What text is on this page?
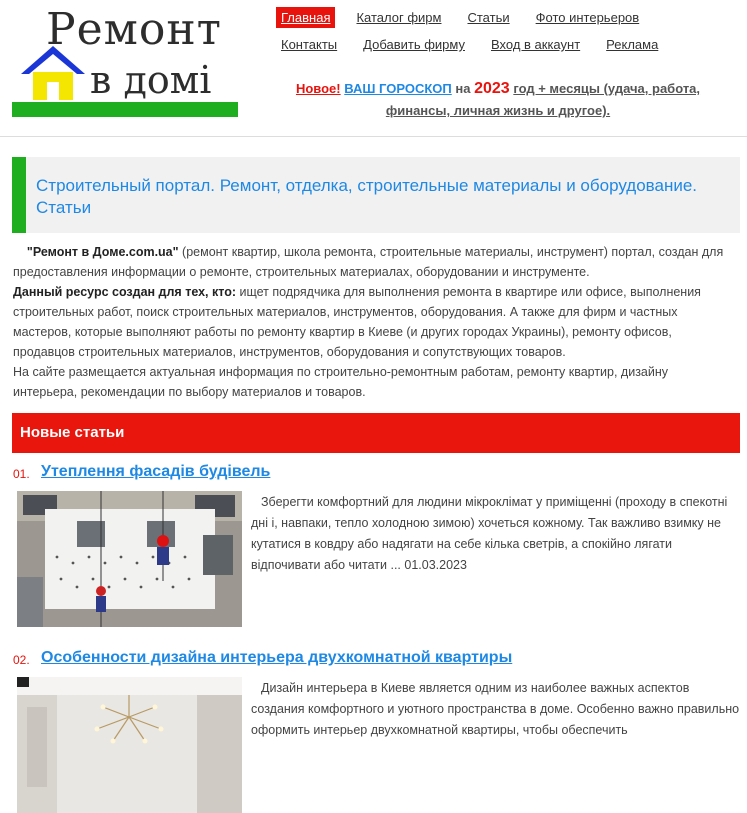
Ремонт
в домі
Главная Каталог фирм Статьи Фото интерьеров
Контакты Добавить фирму Вход в аккаунт Реклама
Новое! ВАШ ГОРОСКОП на 2023 год + месяцы (удача, работа,
финансы, личная жизнь и другое).
Строительный портал. Ремонт, отделка, строительные материалы и оборудование. Статьи
"Ремонт в Доме.com.ua" (ремонт квартир, школа ремонта, строительные материалы, инструмент) портал, создан для предоставления информации о ремонте, строительных материалах, оборудовании и инструменте.
Данный ресурс создан для тех, кто: ищет подрядчика для выполнения ремонта в квартире или офисе, выполнения строительных работ, поиск строительных материалов, инструментов, оборудования. А также для фирм и частных мастеров, которые выполняют работы по ремонту квартир в Киеве (и других городах Украины), ремонту офисов, продавцов строительных материалов, инструментов, оборудования и сопутствующих товаров.
На сайте размещается актуальная информация по строительно-ремонтным работам, ремонту квартир, дизайну интерьера, рекомендации по выбору материалов и товаров.
Новые статьи
01. Утеплення фасадів будівель
Зберегти комфортний для людини мікроклімат у приміщенні (проходу в спекотні дні і, навпаки, тепло холодною зимою) хочеться кожному. Так важливо взимку не кутатися в ковдру або надягати на себе кілька светрів, а спокійно лягати відпочивати або читати ... 01.03.2023
02. Особенности дизайна интерьера двухкомнатной квартиры
Дизайн интерьера в Киеве является одним из наиболее важных аспектов создания комфортного и уютного пространства в доме. Особенно важно правильно оформить интерьер двухкомнатной квартиры, чтобы обеспечить
